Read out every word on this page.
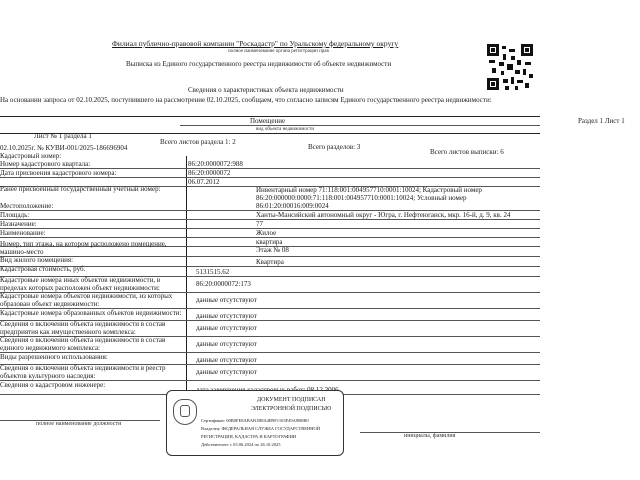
Филиал публично-правовой компании "Роскадастр" по Уральскому федеральному округу
полное наименование органа регистрации прав
Выписка из Единого государственного реестра недвижимости об объекте недвижимости
Сведения о характеристиках объекта недвижимости
На основании запроса от 02.10.2025, поступившего на рассмотрение 02.10.2025, сообщаем, что согласно записям Единого государственного реестра недвижимости:
Помещение	Раздел 1 Лист 1
вид объекта недвижимости
Лист № 1 раздела 1
Всего листов раздела 1: 2
Всего разделов: 3
Всего листов выписки: 6
02.10.2025г. № КУВИ-001/2025-186696904
Кадастровый номер:
86:20:0000072:988
Номер кадастрового квартала:
86:20:0000072
Дата присвоения кадастрового номера:
06.07.2012
Ранее присвоенный государственный учетный номер:	Инвентарный номер 71:118:001:004957710:0001:10024; Кадастровый номер 86:20:000000:0000:71:118:001:004957710:0001:10024; Условный номер 86:01:20:00016:009:0024
Местоположение:
Ханты-Мансийский автономный округ - Югра, г. Нефтеюганск, мкр. 16-й, д. 9, кв. 24
Площадь:
77
Назначение:
Жилое
Наименование:
квартира
Номер, тип этажа, на котором расположено помещение, машино-место	Этаж № 08
Вид жилого помещения:	Квартира
Кадастровая стоимость, руб.	5131515.62
Кадастровые номера иных объектов недвижимости, в пределах которых расположен объект недвижимости:	86:20:0000072:173
Кадастровые номера объектов недвижимости, из которых образован объект недвижимости:	данные отсутствуют
Кадастровые номера образованных объектов недвижимости: данные отсутствуют
Сведения о включении объекта недвижимости в состав предприятия как имущественного комплекса:	данные отсутствуют
Сведения о включении объекта недвижимости в состав единого недвижимого комплекса:	данные отсутствуют
Виды разрешенного использования:	данные отсутствуют
Сведения о включении объекта недвижимости в реестр объектов культурного наследия:	данные отсутствуют
Сведения о кадастровом инженере:
полное наименование должности
инициалы, фамилия
ДОКУМЕНТ ПОДПИСАН
ЭЛЕКТРОННОЙ ПОДПИСЬЮ
Сертификат: 00B0FE8ABAB1B8A4B9F1163F49A9B0B0
Владелец: ФЕДЕРАЛЬНАЯ СЛУЖБА ГОСУДАРСТВЕННОЙ
РЕГИСТРАЦИИ, КАДАСТРА И КАРТОГРАФИИ
Действителен: с 03.06.2024 по 26.10.2025
